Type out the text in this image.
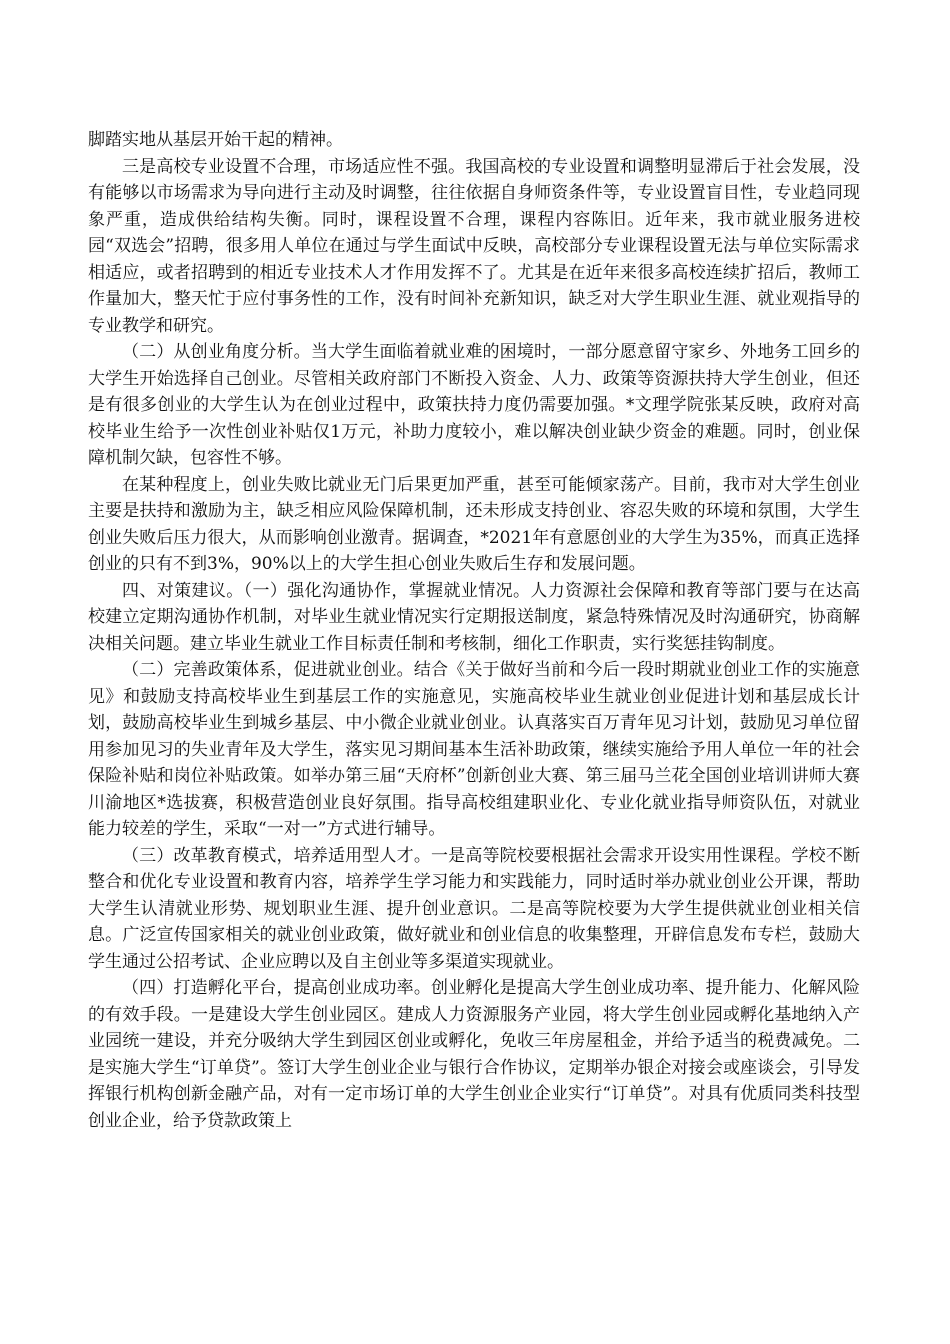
脚踏实地从基层开始干起的精神。

三是高校专业设置不合理，市场适应性不强。我国高校的专业设置和调整明显滞后于社会发展，没有能够以市场需求为导向进行主动及时调整，往往依据自身师资条件等，专业设置盲目性，专业趋同现象严重，造成供给结构失衡。同时，课程设置不合理，课程内容陈旧。近年来，我市就业服务进校园“双选会”招聘，很多用人单位在通过与学生面试中反映，高校部分专业课程设置无法与单位实际需求相适应，或者招聘到的相近专业技术人才作用发挥不了。尤其是在近年来很多高校连续扩招后，教师工作量加大，整天忙于应付事务性的工作，没有时间补充新知识，缺乏对大学生职业生涯、就业观指导的专业教学和研究。

（二）从创业角度分析。当大学生面临着就业难的困境时，一部分愿意留守家乡、外地务工回乡的大学生开始选择自己创业。尽管相关政府部门不断投入资金、人力、政策等资源扶持大学生创业，但还是有很多创业的大学生认为在创业过程中，政策扶持力度仍需要加强。*文理学院张某反映，政府对高校毕业生给予一次性创业补贴仅1万元，补助力度较小，难以解决创业缺少资金的难题。同时，创业保障机制欠缺，包容性不够。

在某种程度上，创业失败比就业无门后果更加严重，甚至可能倾家荡产。目前，我市对大学生创业主要是扶持和激励为主，缺乏相应风险保障机制，还未形成支持创业、容忍失败的环境和氛围，大学生创业失败后压力很大，从而影响创业激青。据调查，*2021年有意愿创业的大学生为35%，而真正选择创业的只有不到3%，90%以上的大学生担心创业失败后生存和发展问题。

四、对策建议。（一）强化沟通协作，掌握就业情况。人力资源社会保障和教育等部门要与在达高校建立定期沟通协作机制，对毕业生就业情况实行定期报送制度，紧急特殊情况及时沟通研究，协商解决相关问题。建立毕业生就业工作目标责任制和考核制，细化工作职责，实行奖惩挂钩制度。

（二）完善政策体系，促进就业创业。结合《关于做好当前和今后一段时期就业创业工作的实施意见》和鼓励支持高校毕业生到基层工作的实施意见，实施高校毕业生就业创业促进计划和基层成长计划，鼓励高校毕业生到城乡基层、中小微企业就业创业。认真落实百万青年见习计划，鼓励见习单位留用参加见习的失业青年及大学生，落实见习期间基本生活补助政策，继续实施给予用人单位一年的社会保险补贴和岗位补贴政策。如举办第三届“天府杯”创新创业大赛、第三届马兰花全国创业培训讲师大赛川渝地区*选拔赛，积极营造创业良好氛围。指导高校组建职业化、专业化就业指导师资队伍，对就业能力较差的学生，采取“一对一”方式进行辅导。

（三）改革教育模式，培养适用型人才。一是高等院校要根据社会需求开设实用性课程。学校不断整合和优化专业设置和教育内容，培养学生学习能力和实践能力，同时适时举办就业创业公开课，帮助大学生认清就业形势、规划职业生涯、提升创业意识。二是高等院校要为大学生提供就业创业相关信息。广泛宣传国家相关的就业创业政策，做好就业和创业信息的收集整理，开辟信息发布专栏，鼓励大学生通过公招考试、企业应聘以及自主创业等多渠道实现就业。

（四）打造孵化平台，提高创业成功率。创业孵化是提高大学生创业成功率、提升能力、化解风险的有效手段。一是建设大学生创业园区。建成人力资源服务产业园，将大学生创业园或孵化基地纳入产业园统一建设，并充分吸纳大学生到园区创业或孵化，免收三年房屋租金，并给予适当的税费减免。二是实施大学生“订单贷”。签订大学生创业企业与银行合作协议，定期举办银企对接会或座谈会，引导发挥银行机构创新金融产品，对有一定市场订单的大学生创业企业实行“订单贷”。对具有优质同类科技型创业企业，给予贷款政策上
